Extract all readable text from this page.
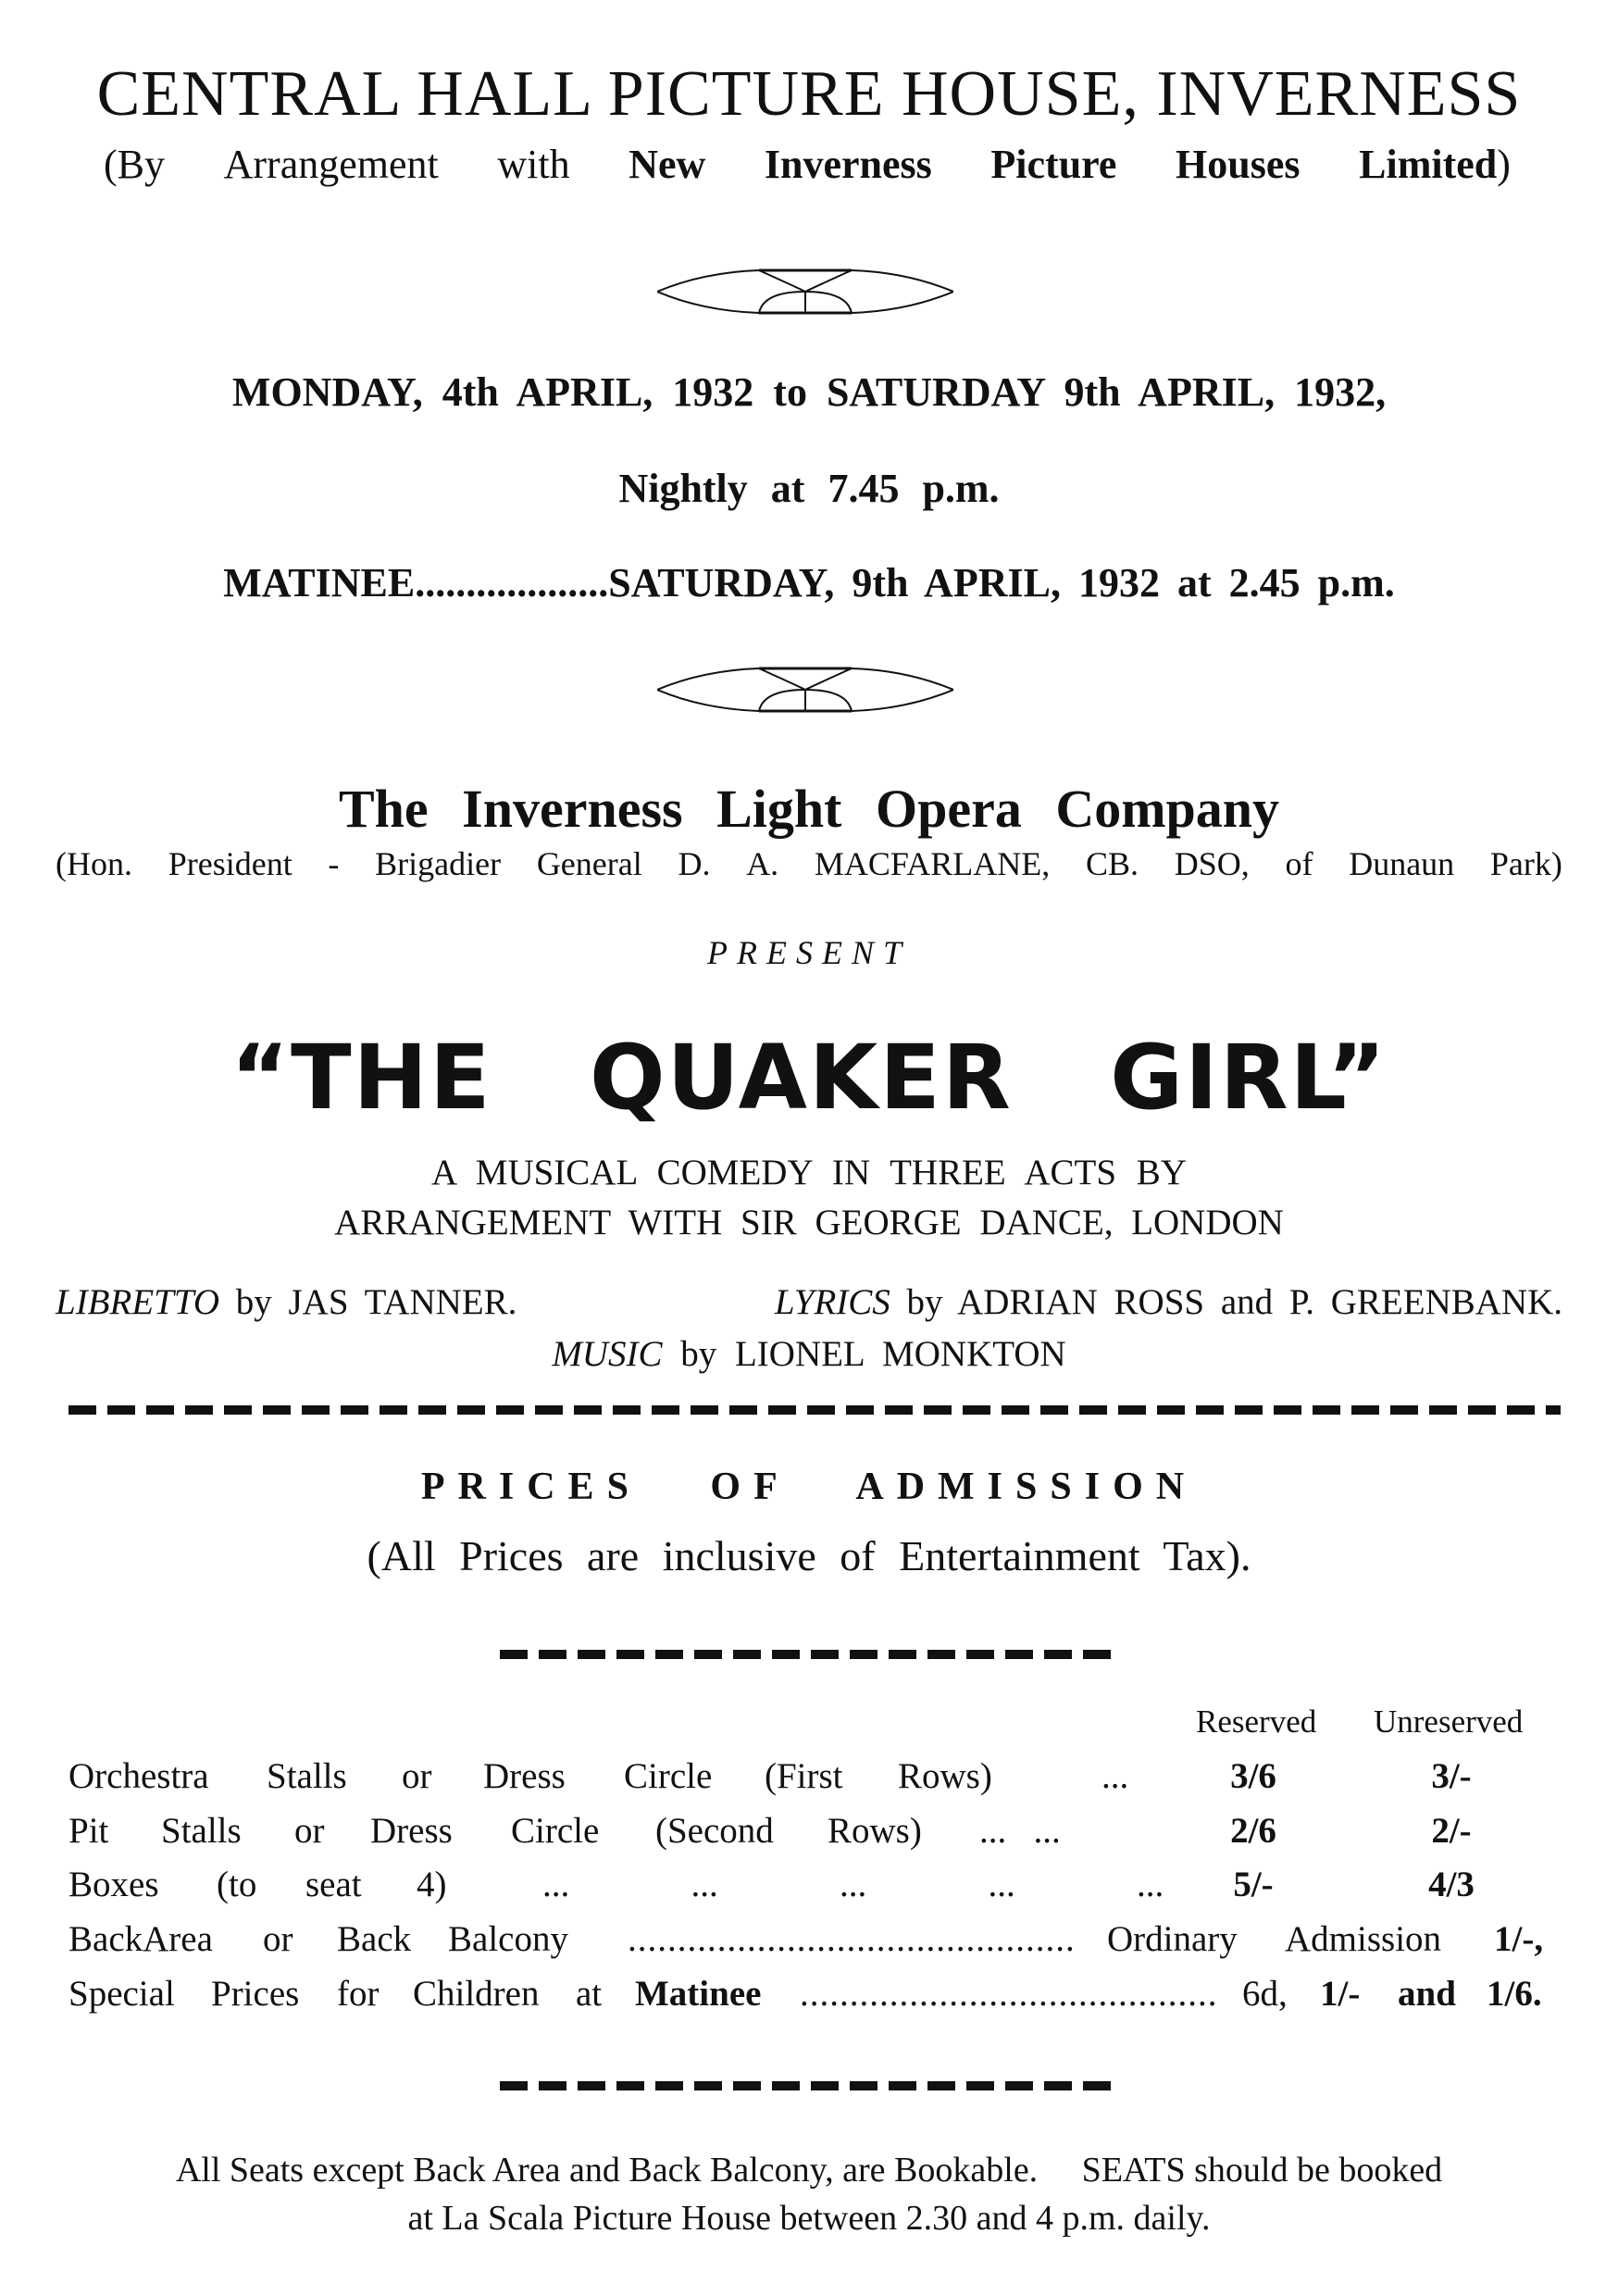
CENTRAL HALL PICTURE HOUSE, INVERNESS
(By Arrangement with New Inverness Picture Houses Limited)
MONDAY, 4th APRIL, 1932 to SATURDAY 9th APRIL, 1932,
Nightly at 7.45 p.m.
MATINEE...................SATURDAY, 9th APRIL, 1932 at 2.45 p.m.
The Inverness Light Opera Company
(Hon. President - Brigadier General D. A. MACFARLANE, CB. DSO, of Dunaun Park)
PRESENT
“THE QUAKER GIRL”
A MUSICAL COMEDY IN THREE ACTS BY
ARRANGEMENT WITH SIR GEORGE DANCE, LONDON
LIBRETTO by JAS TANNER.	LYRICS by ADRIAN ROSS and P. GREENBANK.
MUSIC by LIONEL MONKTON
PRICES OF ADMISSION
(All Prices are inclusive of Entertainment Tax).
Reserved Unreserved
Orchestra Stalls or Dress Circle (First Rows)	...	3/6	3/-
Pit Stalls or Dress Circle (Second Rows) ...   ...	2/6	2/-
Boxes (to seat 4)	...   ...   ...   ...   ...	5/-	4/3
BackArea or Back Balcony ............................................. Ordinary Admission 1/-,
Special Prices for Children at Matinee .......................................... 6d, 1/- and 1/6.
All Seats except Back Area and Back Balcony, are Bookable.     SEATS should be booked
at La Scala Picture House between 2.30 and 4 p.m. daily.
